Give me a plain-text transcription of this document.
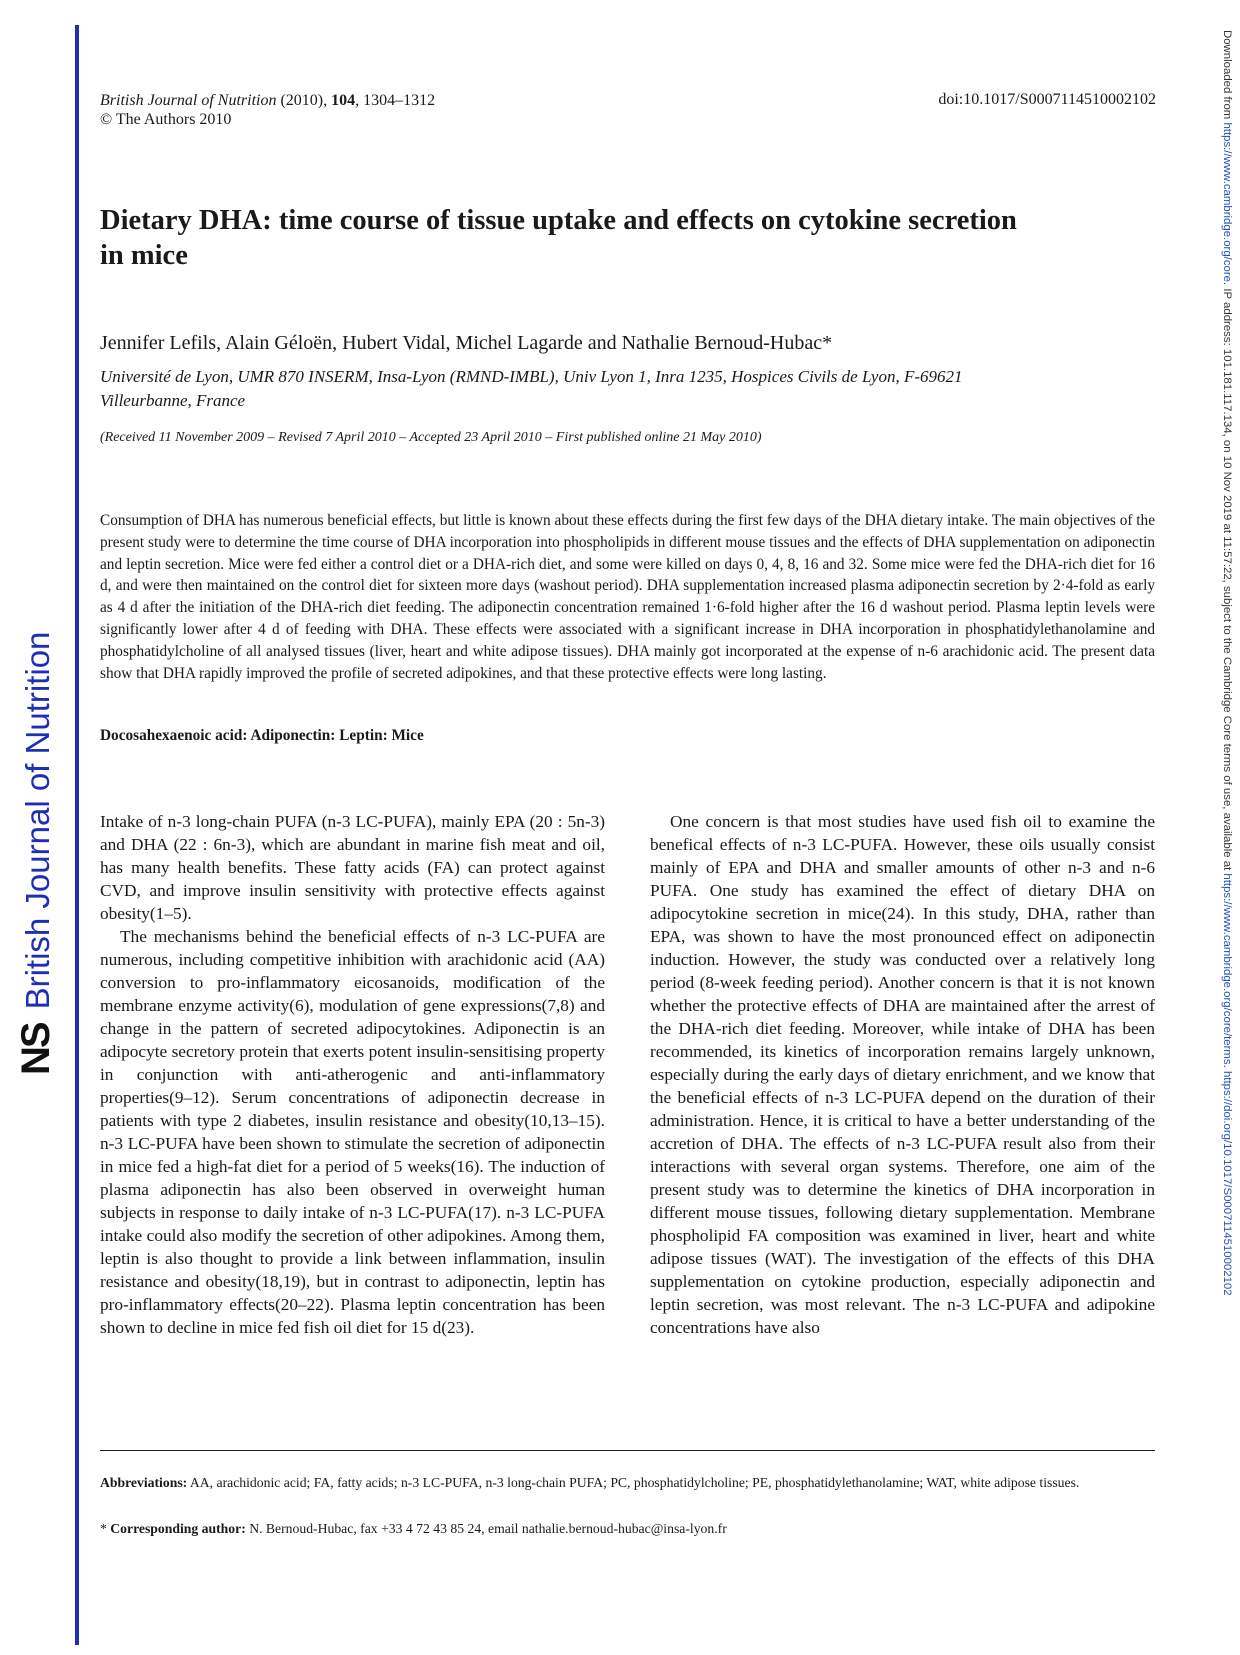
NSBritish Journal of Nutrition
Downloaded from https://www.cambridge.org/core. IP address: 101.181.117.134, on 10 Nov 2019 at 11:57:22, subject to the Cambridge Core terms of use, available at https://www.cambridge.org/core/terms. https://doi.org/10.1017/S0007114510002102
British Journal of Nutrition (2010), 104, 1304–1312
© The Authors 2010
doi:10.1017/S0007114510002102
Dietary DHA: time course of tissue uptake and effects on cytokine secretion
in mice
Jennifer Lefils, Alain Géloën, Hubert Vidal, Michel Lagarde and Nathalie Bernoud-Hubac*
Université de Lyon, UMR 870 INSERM, Insa-Lyon (RMND-IMBL), Univ Lyon 1, Inra 1235, Hospices Civils de Lyon, F-69621
Villeurbanne, France
(Received 11 November 2009 – Revised 7 April 2010 – Accepted 23 April 2010 – First published online 21 May 2010)

Consumption of DHA has numerous beneficial effects, but little is known about these effects during the first few days of the DHA dietary intake. The main objectives of the present study were to determine the time course of DHA incorporation into phospholipids in different mouse tissues and the effects of DHA supplementation on adiponectin and leptin secretion. Mice were fed either a control diet or a DHA-rich diet, and some were killed on days 0, 4, 8, 16 and 32. Some mice were fed the DHA-rich diet for 16 d, and were then maintained on the control diet for sixteen more days (washout period). DHA supplementation increased plasma adiponectin secretion by 2·4-fold as early as 4 d after the initiation of the DHA-rich diet feeding. The adiponectin concentration remained 1·6-fold higher after the 16 d washout period. Plasma leptin levels were significantly lower after 4 d of feeding with DHA. These effects were associated with a significant increase in DHA incorporation in phosphatidylethanolamine and phosphatidylcholine of all analysed tissues (liver, heart and white adipose tissues). DHA mainly got incorporated at the expense of n-6 arachidonic acid. The present data show that DHA rapidly improved the profile of secreted adipokines, and that these protective effects were long lasting.

Docosahexaenoic acid: Adiponectin: Leptin: Mice

Intake of n-3 long-chain PUFA (n-3 LC-PUFA), mainly EPA (20 : 5n-3) and DHA (22 : 6n-3), which are abundant in marine fish meat and oil, has many health benefits. These fatty acids (FA) can protect against CVD, and improve insulin sensitivity with protective effects against obesity(1–5).

The mechanisms behind the beneficial effects of n-3 LC-PUFA are numerous, including competitive inhibition with arachidonic acid (AA) conversion to pro-inflammatory eicosanoids, modification of the membrane enzyme activity(6), modulation of gene expressions(7,8) and change in the pattern of secreted adipocytokines. Adiponectin is an adipocyte secretory protein that exerts potent insulin-sensitising property in conjunction with anti-atherogenic and anti-inflammatory properties(9–12). Serum concentrations of adiponectin decrease in patients with type 2 diabetes, insulin resistance and obesity(10,13–15). n-3 LC-PUFA have been shown to stimulate the secretion of adiponectin in mice fed a high-fat diet for a period of 5 weeks(16). The induction of plasma adiponectin has also been observed in overweight human subjects in response to daily intake of n-3 LC-PUFA(17). n-3 LC-PUFA intake could also modify the secretion of other adipokines. Among them, leptin is also thought to provide a link between inflammation, insulin resistance and obesity(18,19), but in contrast to adiponectin, leptin has pro-inflammatory effects(20–22). Plasma leptin concentration has been shown to decline in mice fed fish oil diet for 15 d(23).

One concern is that most studies have used fish oil to examine the benefical effects of n-3 LC-PUFA. However, these oils usually consist mainly of EPA and DHA and smaller amounts of other n-3 and n-6 PUFA. One study has examined the effect of dietary DHA on adipocytokine secretion in mice(24). In this study, DHA, rather than EPA, was shown to have the most pronounced effect on adiponectin induction. However, the study was conducted over a relatively long period (8-week feeding period). Another concern is that it is not known whether the protective effects of DHA are maintained after the arrest of the DHA-rich diet feeding. Moreover, while intake of DHA has been recommended, its kinetics of incorporation remains largely unknown, especially during the early days of dietary enrichment, and we know that the beneficial effects of n-3 LC-PUFA depend on the duration of their administration. Hence, it is critical to have a better understanding of the accretion of DHA. The effects of n-3 LC-PUFA result also from their interactions with several organ systems. Therefore, one aim of the present study was to determine the kinetics of DHA incorporation in different mouse tissues, following dietary supplementation. Membrane phospholipid FA composition was examined in liver, heart and white adipose tissues (WAT). The investigation of the effects of this DHA supplementation on cytokine production, especially adiponectin and leptin secretion, was most relevant. The n-3 LC-PUFA and adipokine concentrations have also

Abbreviations: AA, arachidonic acid; FA, fatty acids; n-3 LC-PUFA, n-3 long-chain PUFA; PC, phosphatidylcholine; PE, phosphatidylethanolamine; WAT, white adipose tissues.
* Corresponding author: N. Bernoud-Hubac, fax +33 4 72 43 85 24, email nathalie.bernoud-hubac@insa-lyon.fr
